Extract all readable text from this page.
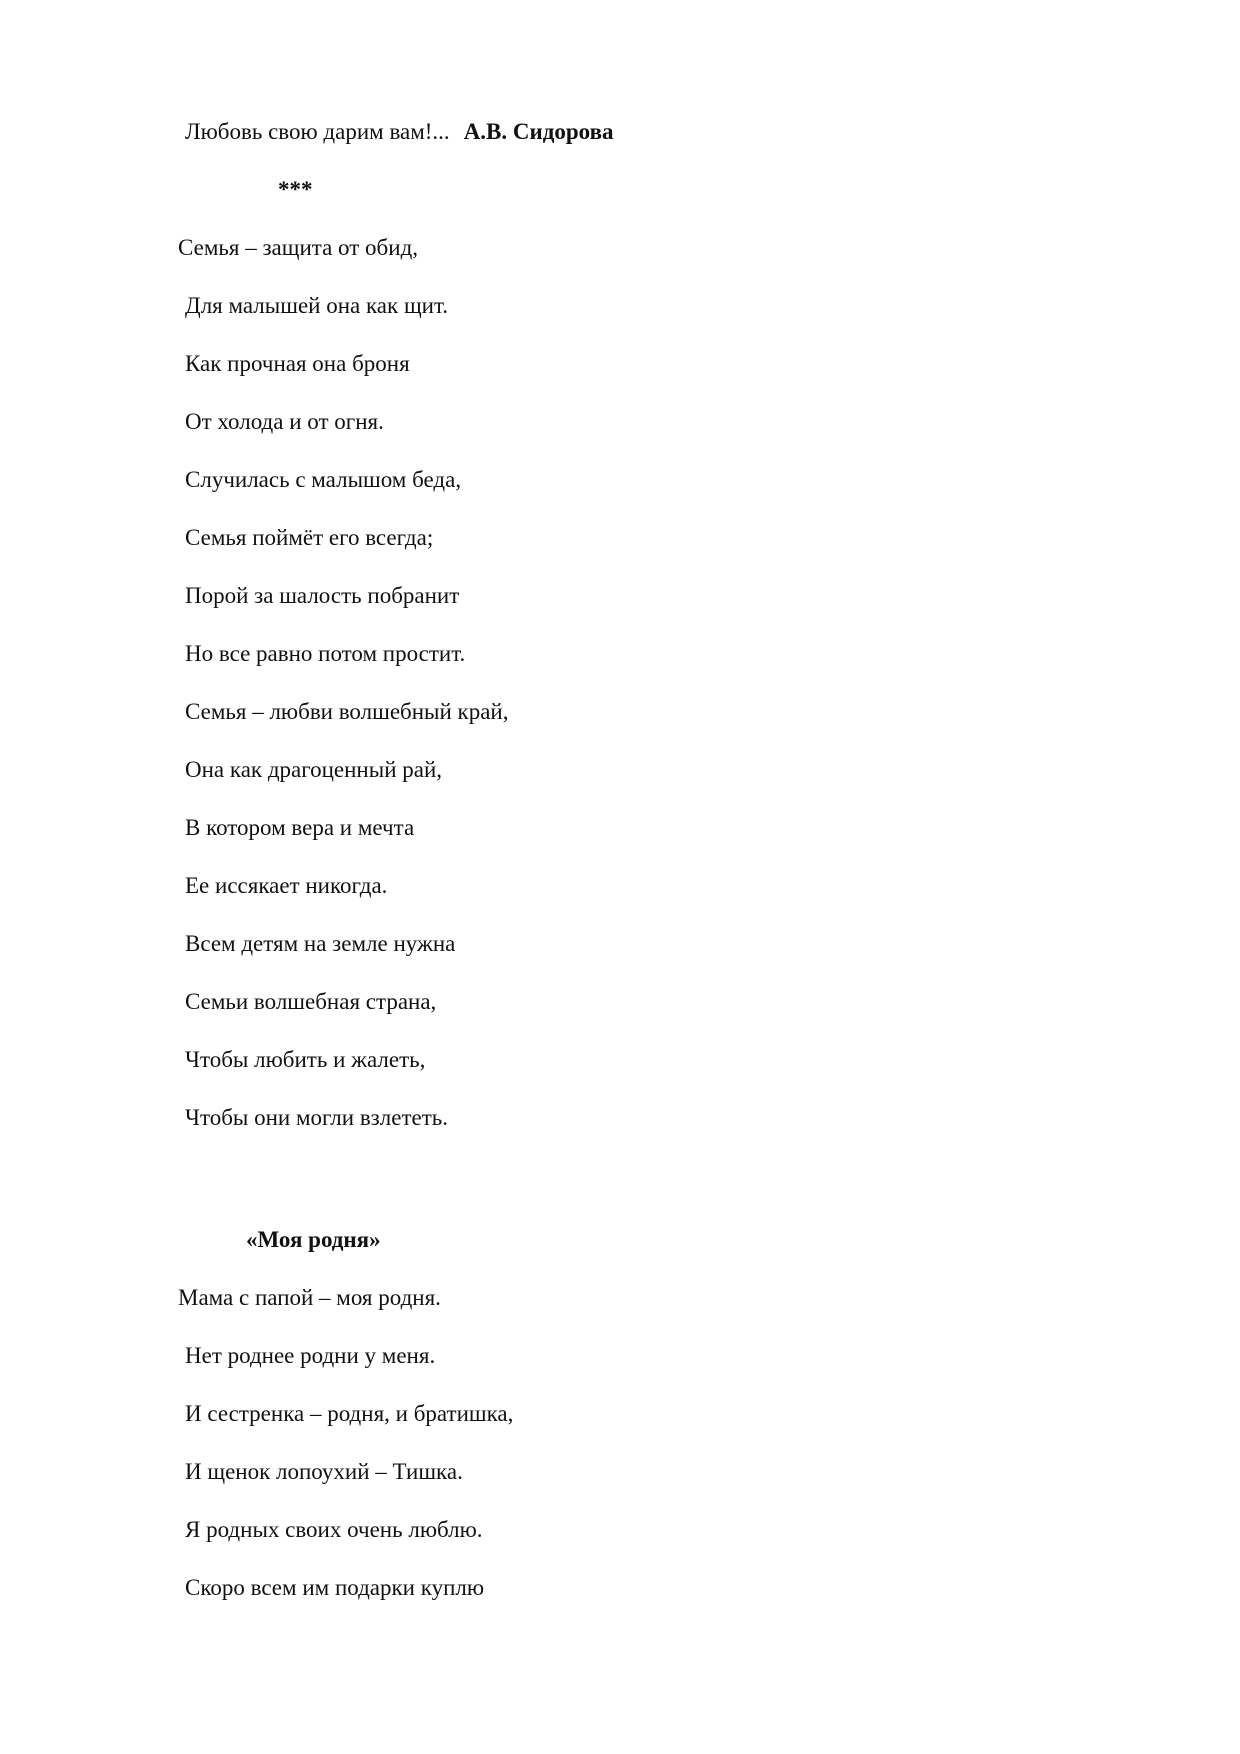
Любовь свою дарим вам!... А.В. Сидорова
***
Семья – защита от обид,
Для малышей она как щит.
Как прочная она броня
От холода и от огня.
Случилась с малышом беда,
Семья поймёт его всегда;
Порой за шалость побранит
Но все равно потом простит.
Семья – любви волшебный край,
Она как драгоценный рай,
В котором вера и мечта
Ее иссякает никогда.
Всем детям на земле нужна
Семьи волшебная страна,
Чтобы любить и жалеть,
Чтобы они могли взлететь.
«Моя родня»
Мама с папой – моя родня.
Нет роднее родни у меня.
И сестренка – родня, и братишка,
И щенок лопоухий – Тишка.
Я родных своих очень люблю.
Скоро всем им подарки куплю
